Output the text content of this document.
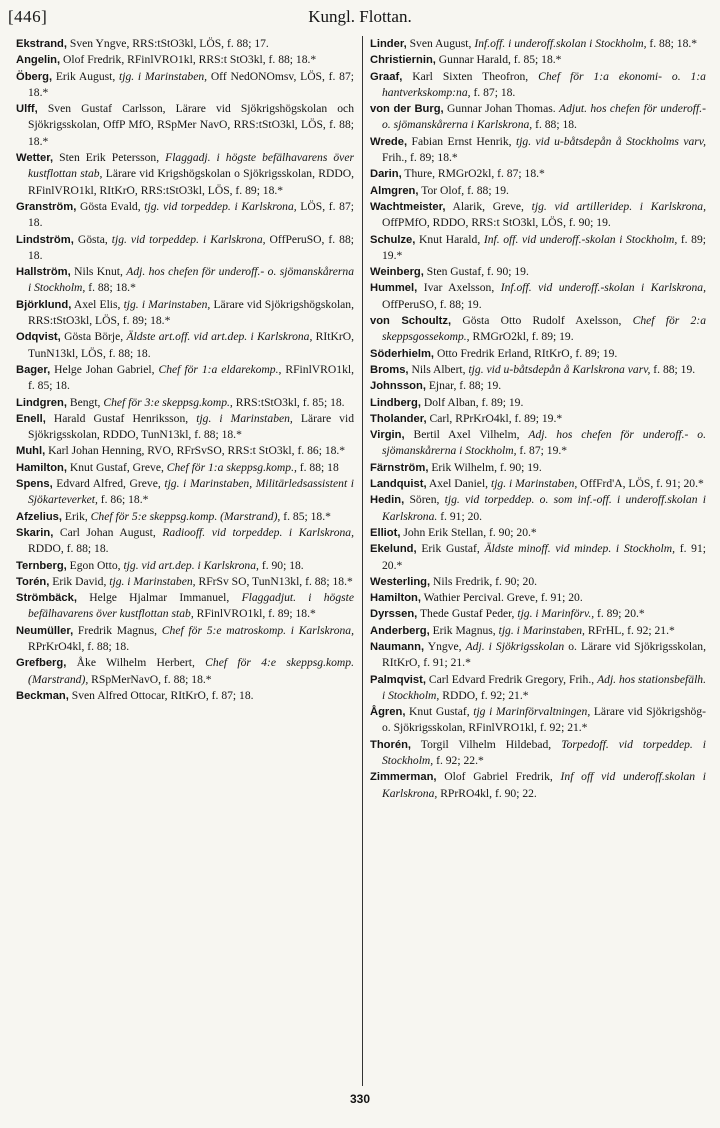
[446]	Kungl. Flottan.

Ekstrand, Sven Yngve, RRS:tStO3kl, LÖS, f. 88; 17.

Angelin, Olof Fredrik, RFinlVRO1kl, RRS:t StO3kl, f. 88; 18.*

Öberg, Erik August, tjg. i Marinstaben, Off NedONOmsv, LÖS, f. 87; 18.*

Ulff, Sven Gustaf Carlsson, Lärare vid Sjökrigshögskolan och Sjökrigsskolan, OffP MfO, RSpMer NavO, RRS:tStO3kl, LÖS, f. 88; 18.*

Wetter, Sten Erik Petersson, Flaggadj. i högste befälhavarens över kustflottan stab, Lärare vid Krigshögskolan o Sjökrigsskolan, RDDO, RFinlVRO1kl, RItKrO, RRS:tStO3kl, LÖS, f. 89; 18.*

Granström, Gösta Evald, tjg. vid torpeddep. i Karlskrona, LÖS, f. 87; 18.

Lindström, Gösta, tjg. vid torpeddep. i Karlskrona, OffPeruSO, f. 88; 18.

Hallström, Nils Knut, Adj. hos chefen för underoff.- o. sjömanskårerna i Stockholm, f. 88; 18.*

Björklund, Axel Elis, tjg. i Marinstaben, Lärare vid Sjökrigshögskolan, RRS:tStO3kl, LÖS, f. 89; 18.*

Odqvist, Gösta Börje, Äldste art.off. vid art.dep. i Karlskrona, RItKrO, TunN13kl, LÖS, f. 88; 18.

Bager, Helge Johan Gabriel, Chef för 1:a eldarekomp., RFinlVRO1kl, f. 85; 18.

Lindgren, Bengt, Chef för 3:e skeppsg.komp., RRS:tStO3kl, f. 85; 18.

Enell, Harald Gustaf Henriksson, tjg. i Marinstaben, Lärare vid Sjökrigsskolan, RDDO, TunN13kl, f. 88; 18.*

Muhl, Karl Johan Henning, RVO, RFrSvSO, RRS:t StO3kl, f. 86; 18.*

Hamilton, Knut Gustaf, Greve, Chef för 1:a skeppsg.komp., f. 88; 18

Spens, Edvard Alfred, Greve, tjg. i Marinstaben, Militärledsassistent i Sjökarteverket, f. 86; 18.*

Afzelius, Erik, Chef för 5:e skeppsg.komp. (Marstrand), f. 85; 18.*

Skarin, Carl Johan August, Radiooff. vid torpeddep. i Karlskrona, RDDO, f. 88; 18.

Ternberg, Egon Otto, tjg. vid art.dep. i Karlskrona, f. 90; 18.

Torén, Erik David, tjg. i Marinstaben, RFrSv SO, TunN13kl, f. 88; 18.*

Strömbäck, Helge Hjalmar Immanuel, Flaggadjut. i högste befälhavarens över kustflottan stab, RFinlVRO1kl, f. 89; 18.*

Neumüller, Fredrik Magnus, Chef för 5:e matroskomp. i Karlskrona, RPrKrO4kl, f. 88; 18.

Grefberg, Åke Wilhelm Herbert, Chef för 4:e skeppsg.komp. (Marstrand), RSpMerNavO, f. 88; 18.*

Beckman, Sven Alfred Ottocar, RItKrO, f. 87; 18.

Linder, Sven August, Inf.off. i underoff.skolan i Stockholm, f. 88; 18.*

Christiernin, Gunnar Harald, f. 85; 18.*

Graaf, Karl Sixten Theofron, Chef för 1:a ekonomi- o. 1:a hantverkskomp:na, f. 87; 18.

von der Burg, Gunnar Johan Thomas. Adjut. hos chefen för underoff.- o. sjömanskårerna i Karlskrona, f. 88; 18.

Wrede, Fabian Ernst Henrik, tjg. vid u-båtsdepån å Stockholms varv, Frih., f. 89; 18.*

Darin, Thure, RMGrO2kl, f. 87; 18.*

Almgren, Tor Olof, f. 88; 19.

Wachtmeister, Alarik, Greve, tjg. vid artilleridep. i Karlskrona, OffPMfO, RDDO, RRS:t StO3kl, LÖS, f. 90; 19.

Schulze, Knut Harald, Inf. off. vid underoff.-skolan i Stockholm, f. 89; 19.*

Weinberg, Sten Gustaf, f. 90; 19.

Hummel, Ivar Axelsson, Inf.off. vid underoff.-skolan i Karlskrona, OffPeruSO, f. 88; 19.

von Schoultz, Gösta Otto Rudolf Axelsson, Chef för 2:a skeppsgossekomp., RMGrO2kl, f. 89; 19.

Söderhielm, Otto Fredrik Erland, RItKrO, f. 89; 19.

Broms, Nils Albert, tjg. vid u-båtsdepån å Karlskrona varv, f. 88; 19.

Johnsson, Ejnar, f. 88; 19.

Lindberg, Dolf Alban, f. 89; 19.

Tholander, Carl, RPrKrO4kl, f. 89; 19.*

Virgin, Bertil Axel Vilhelm, Adj. hos chefen för underoff.- o. sjömanskårerna i Stockholm, f. 87; 19.*

Färnström, Erik Wilhelm, f. 90; 19.

Landquist, Axel Daniel, tjg. i Marinstaben, OffFrd'A, LÖS, f. 91; 20.*

Hedin, Sören, tjg. vid torpeddep. o. som inf.-off. i underoff.skolan i Karlskrona. f. 91; 20.

Elliot, John Erik Stellan, f. 90; 20.*

Ekelund, Erik Gustaf, Äldste minoff. vid mindep. i Stockholm, f. 91; 20.*

Westerling, Nils Fredrik, f. 90; 20.

Hamilton, Wathier Percival. Greve, f. 91; 20.

Dyrssen, Thede Gustaf Peder, tjg. i Marinförv., f. 89; 20.*

Anderberg, Erik Magnus, tjg. i Marinstaben, RFrHL, f. 92; 21.*

Naumann, Yngve, Adj. i Sjökrigsskolan o. Lärare vid Sjökrigsskolan, RItKrO, f. 91; 21.*

Palmqvist, Carl Edvard Fredrik Gregory, Frih., Adj. hos stationsbefälh. i Stockholm, RDDO, f. 92; 21.*

Ågren, Knut Gustaf, tjg i Marinförvaltningen, Lärare vid Sjökrigshög- o. Sjökrigsskolan, RFinlVRO1kl, f. 92; 21.*

Thorén, Torgil Vilhelm Hildebad, Torpedoff. vid torpeddep. i Stockholm, f. 92; 22.*

Zimmerman, Olof Gabriel Fredrik, Inf off vid underoff.skolan i Karlskrona, RPrRO4kl, f. 90; 22.

330
